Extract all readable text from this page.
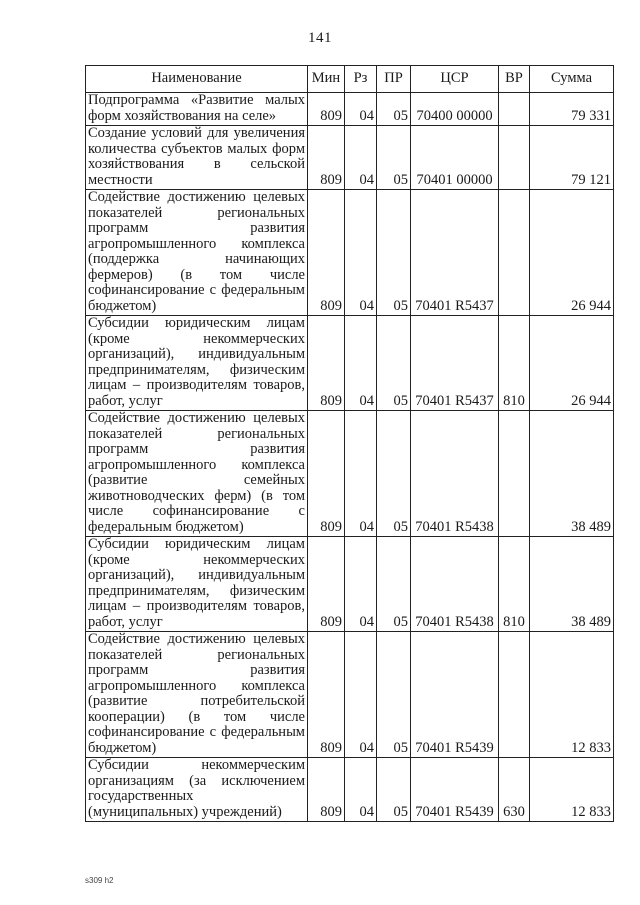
141
Наименование	Мин	Рз	ПР	ЦСР	ВР	Сумма
Подпрограмма «Развитие малых форм хозяйствования на селе»	809	04	05	70400 00000		79 331
Создание условий для увеличения количества субъектов малых форм хозяйствования в сельской местности	809	04	05	70401 00000		79 121
Содействие достижению целевых показателей региональных программ развития агропромышленного комплекса (поддержка начинающих фермеров) (в том числе софинансирование с федеральным бюджетом)	809	04	05	70401 R5437		26 944
Субсидии юридическим лицам (кроме некоммерческих организаций), индивидуальным предпринимателям, физическим лицам – производителям товаров, работ, услуг	809	04	05	70401 R5437	810	26 944
Содействие достижению целевых показателей региональных программ развития агропромышленного комплекса (развитие семейных животноводческих ферм) (в том числе софинансирование с федеральным бюджетом)	809	04	05	70401 R5438		38 489
Субсидии юридическим лицам (кроме некоммерческих организаций), индивидуальным предпринимателям, физическим лицам – производителям товаров, работ, услуг	809	04	05	70401 R5438	810	38 489
Содействие достижению целевых показателей региональных программ развития агропромышленного комплекса (развитие потребительской кооперации) (в том числе софинансирование с федеральным бюджетом)	809	04	05	70401 R5439		12 833
Субсидии некоммерческим организациям (за исключением государственных (муниципальных) учреждений)	809	04	05	70401 R5439	630	12 833
s309 h2
